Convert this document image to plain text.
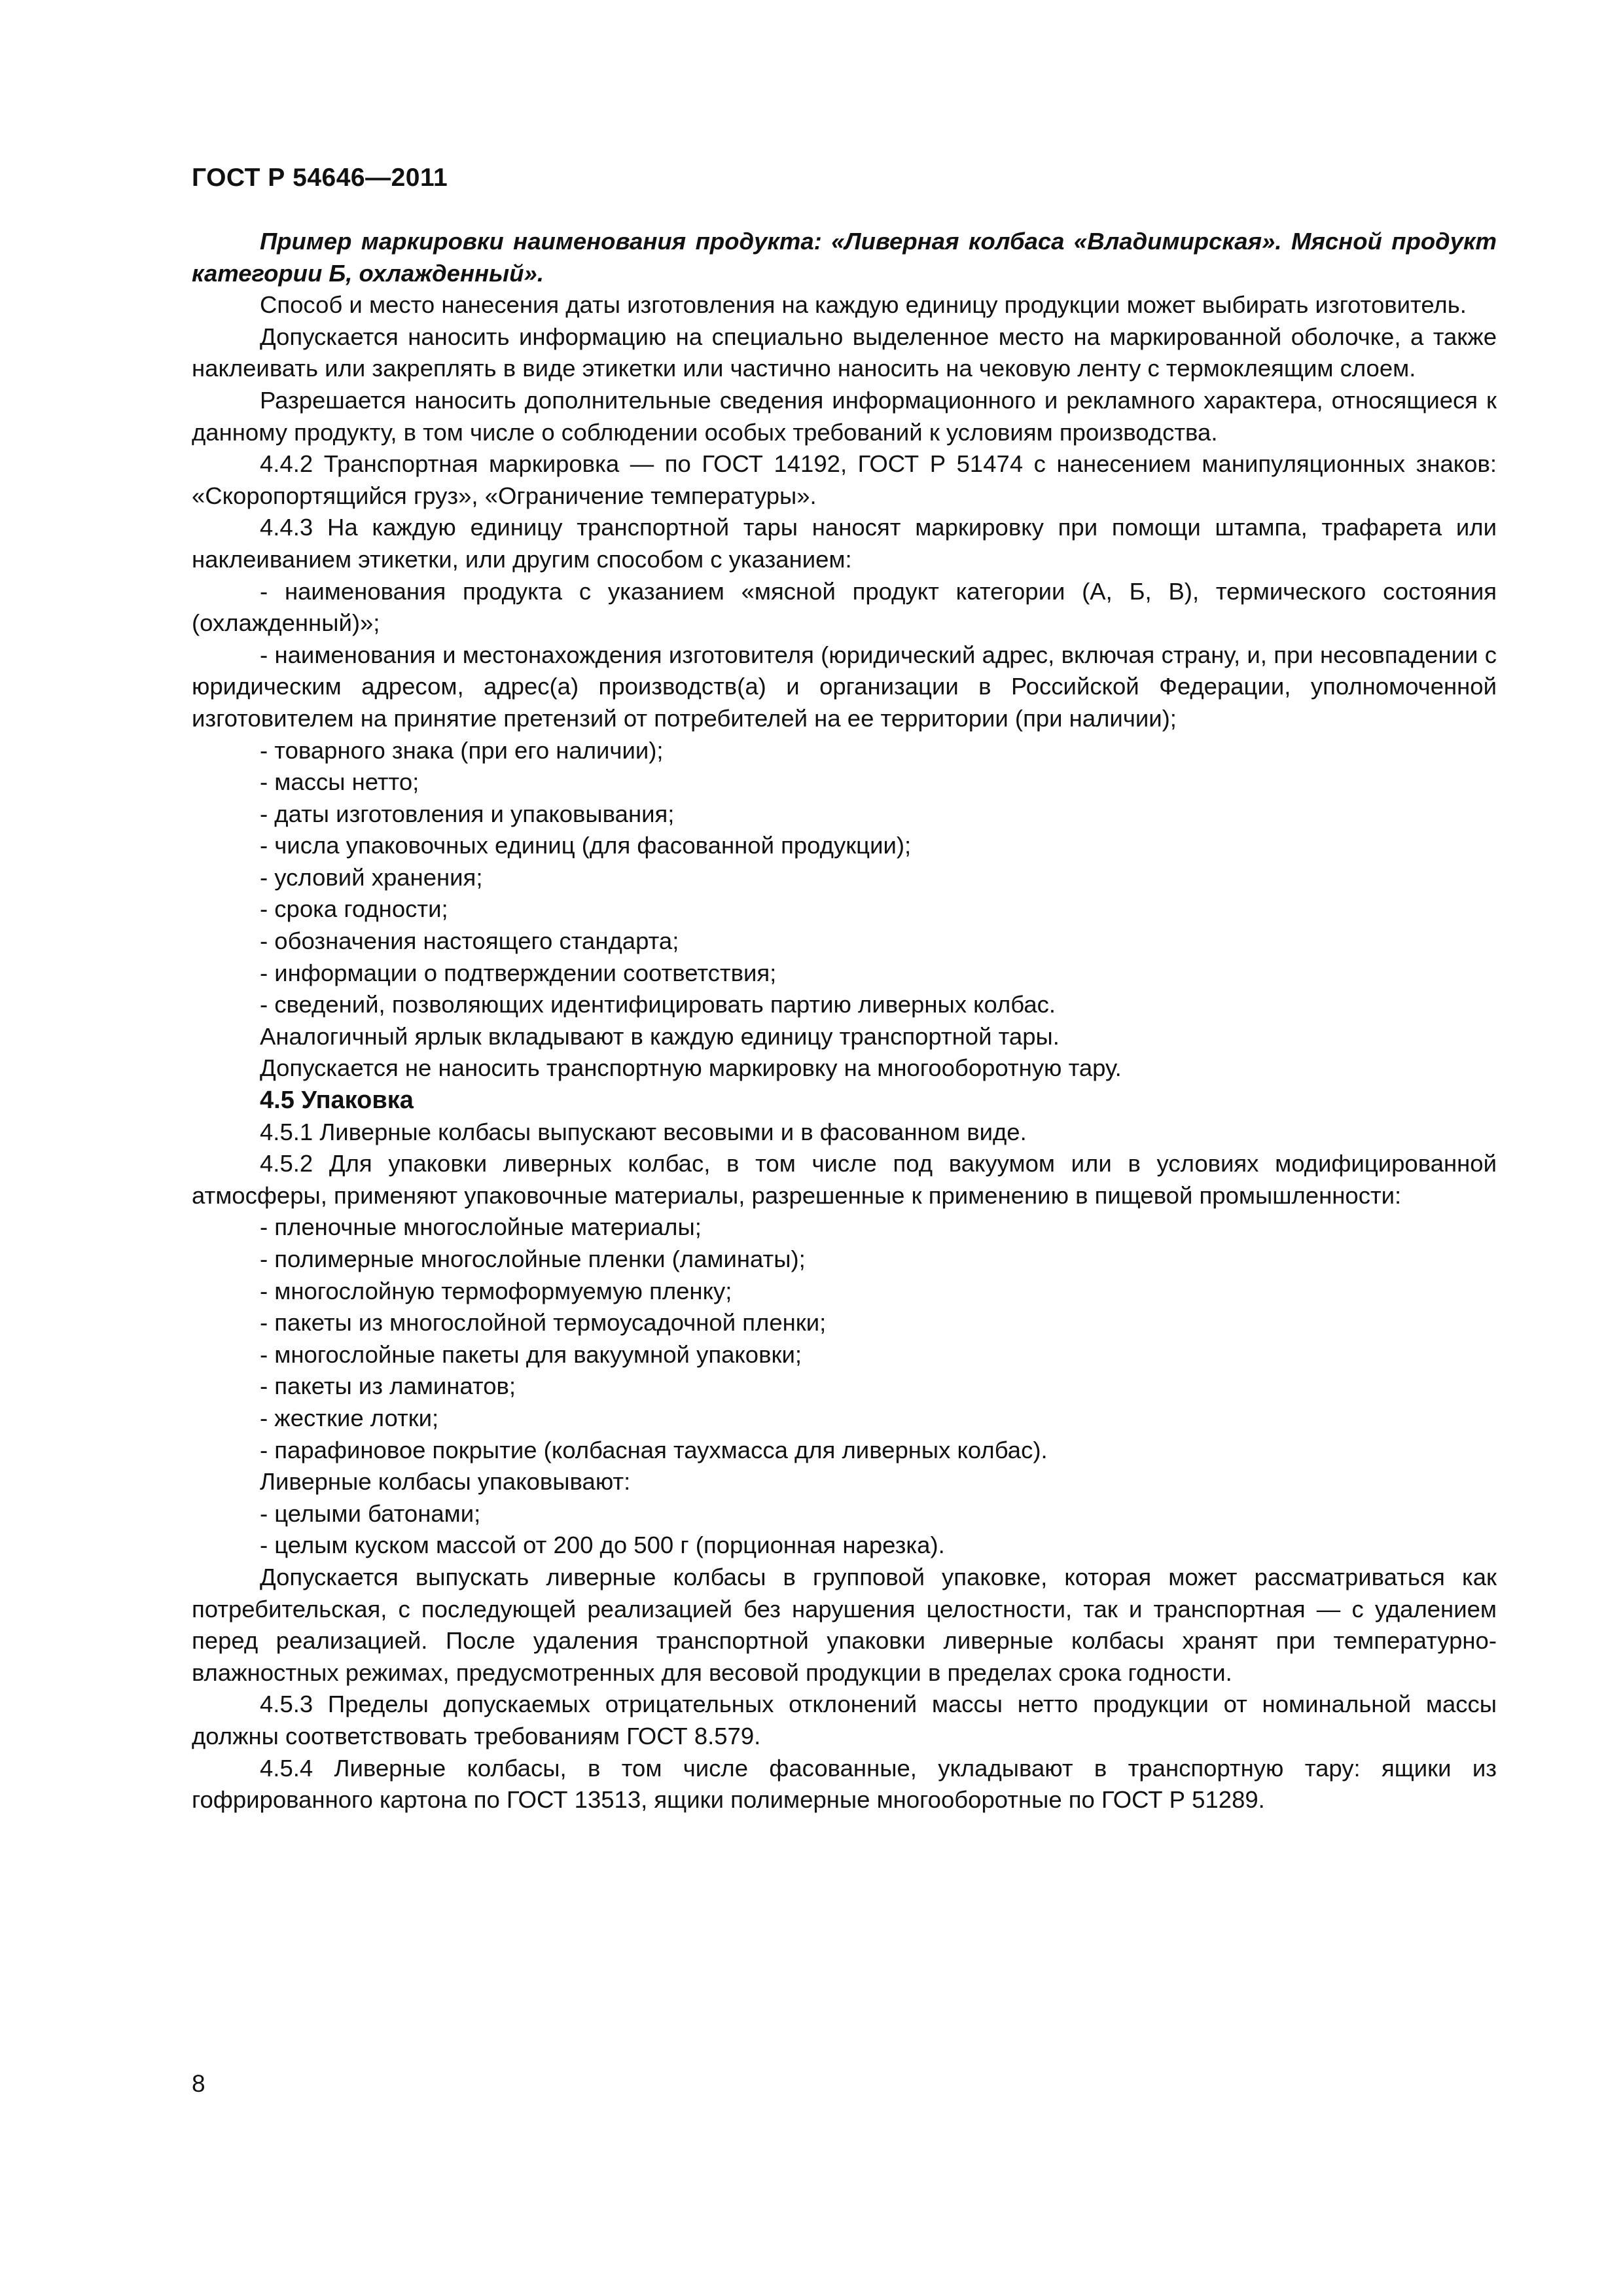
ГОСТ Р 54646—2011

Пример маркировки наименования продукта: «Ливерная колбаса «Владимирская». Мясной продукт категории Б, охлажденный».

Способ и место нанесения даты изготовления на каждую единицу продукции может выбирать изготовитель.

Допускается наносить информацию на специально выделенное место на маркированной оболочке, а также наклеивать или закреплять в виде этикетки или частично наносить на чековую ленту с термоклеящим слоем.

Разрешается наносить дополнительные сведения информационного и рекламного характера, относящиеся к данному продукту, в том числе о соблюдении особых требований к условиям производства.

4.4.2 Транспортная маркировка — по ГОСТ 14192, ГОСТ Р 51474 с нанесением манипуляционных знаков: «Скоропортящийся груз», «Ограничение температуры».

4.4.3 На каждую единицу транспортной тары наносят маркировку при помощи штампа, трафарета или наклеиванием этикетки, или другим способом с указанием:

- наименования продукта с указанием «мясной продукт категории (А, Б, В), термического состояния (охлажденный)»;

- наименования и местонахождения изготовителя (юридический адрес, включая страну, и, при несовпадении с юридическим адресом, адрес(а) производств(а) и организации в Российской Федерации, уполномоченной изготовителем на принятие претензий от потребителей на ее территории (при наличии);

- товарного знака (при его наличии);

- массы нетто;

- даты изготовления и упаковывания;

- числа упаковочных единиц (для фасованной продукции);

- условий хранения;

- срока годности;

- обозначения настоящего стандарта;

- информации о подтверждении соответствия;

- сведений, позволяющих идентифицировать партию ливерных колбас.

Аналогичный ярлык вкладывают в каждую единицу транспортной тары.

Допускается не наносить транспортную маркировку на многооборотную тару.

4.5 Упаковка

4.5.1 Ливерные колбасы выпускают весовыми и в фасованном виде.

4.5.2 Для упаковки ливерных колбас, в том числе под вакуумом или в условиях модифицированной атмосферы, применяют упаковочные материалы, разрешенные к применению в пищевой промышленности:

- пленочные многослойные материалы;

- полимерные многослойные пленки (ламинаты);

- многослойную термоформуемую пленку;

- пакеты из многослойной термоусадочной пленки;

- многослойные пакеты для вакуумной упаковки;

- пакеты из ламинатов;

- жесткие лотки;

- парафиновое покрытие (колбасная таухмасса для ливерных колбас).

Ливерные колбасы упаковывают:

- целыми батонами;

- целым куском массой от 200 до 500 г (порционная нарезка).

Допускается выпускать ливерные колбасы в групповой упаковке, которая может рассматриваться как потребительская, с последующей реализацией без нарушения целостности, так и транспортная — с удалением перед реализацией. После удаления транспортной упаковки ливерные колбасы хранят при температурно-влажностных режимах, предусмотренных для весовой продукции в пределах срока годности.

4.5.3 Пределы допускаемых отрицательных отклонений массы нетто продукции от номинальной массы должны соответствовать требованиям ГОСТ 8.579.

4.5.4 Ливерные колбасы, в том числе фасованные, укладывают в транспортную тару: ящики из гофрированного картона по ГОСТ 13513, ящики полимерные многооборотные по ГОСТ Р 51289.

8
